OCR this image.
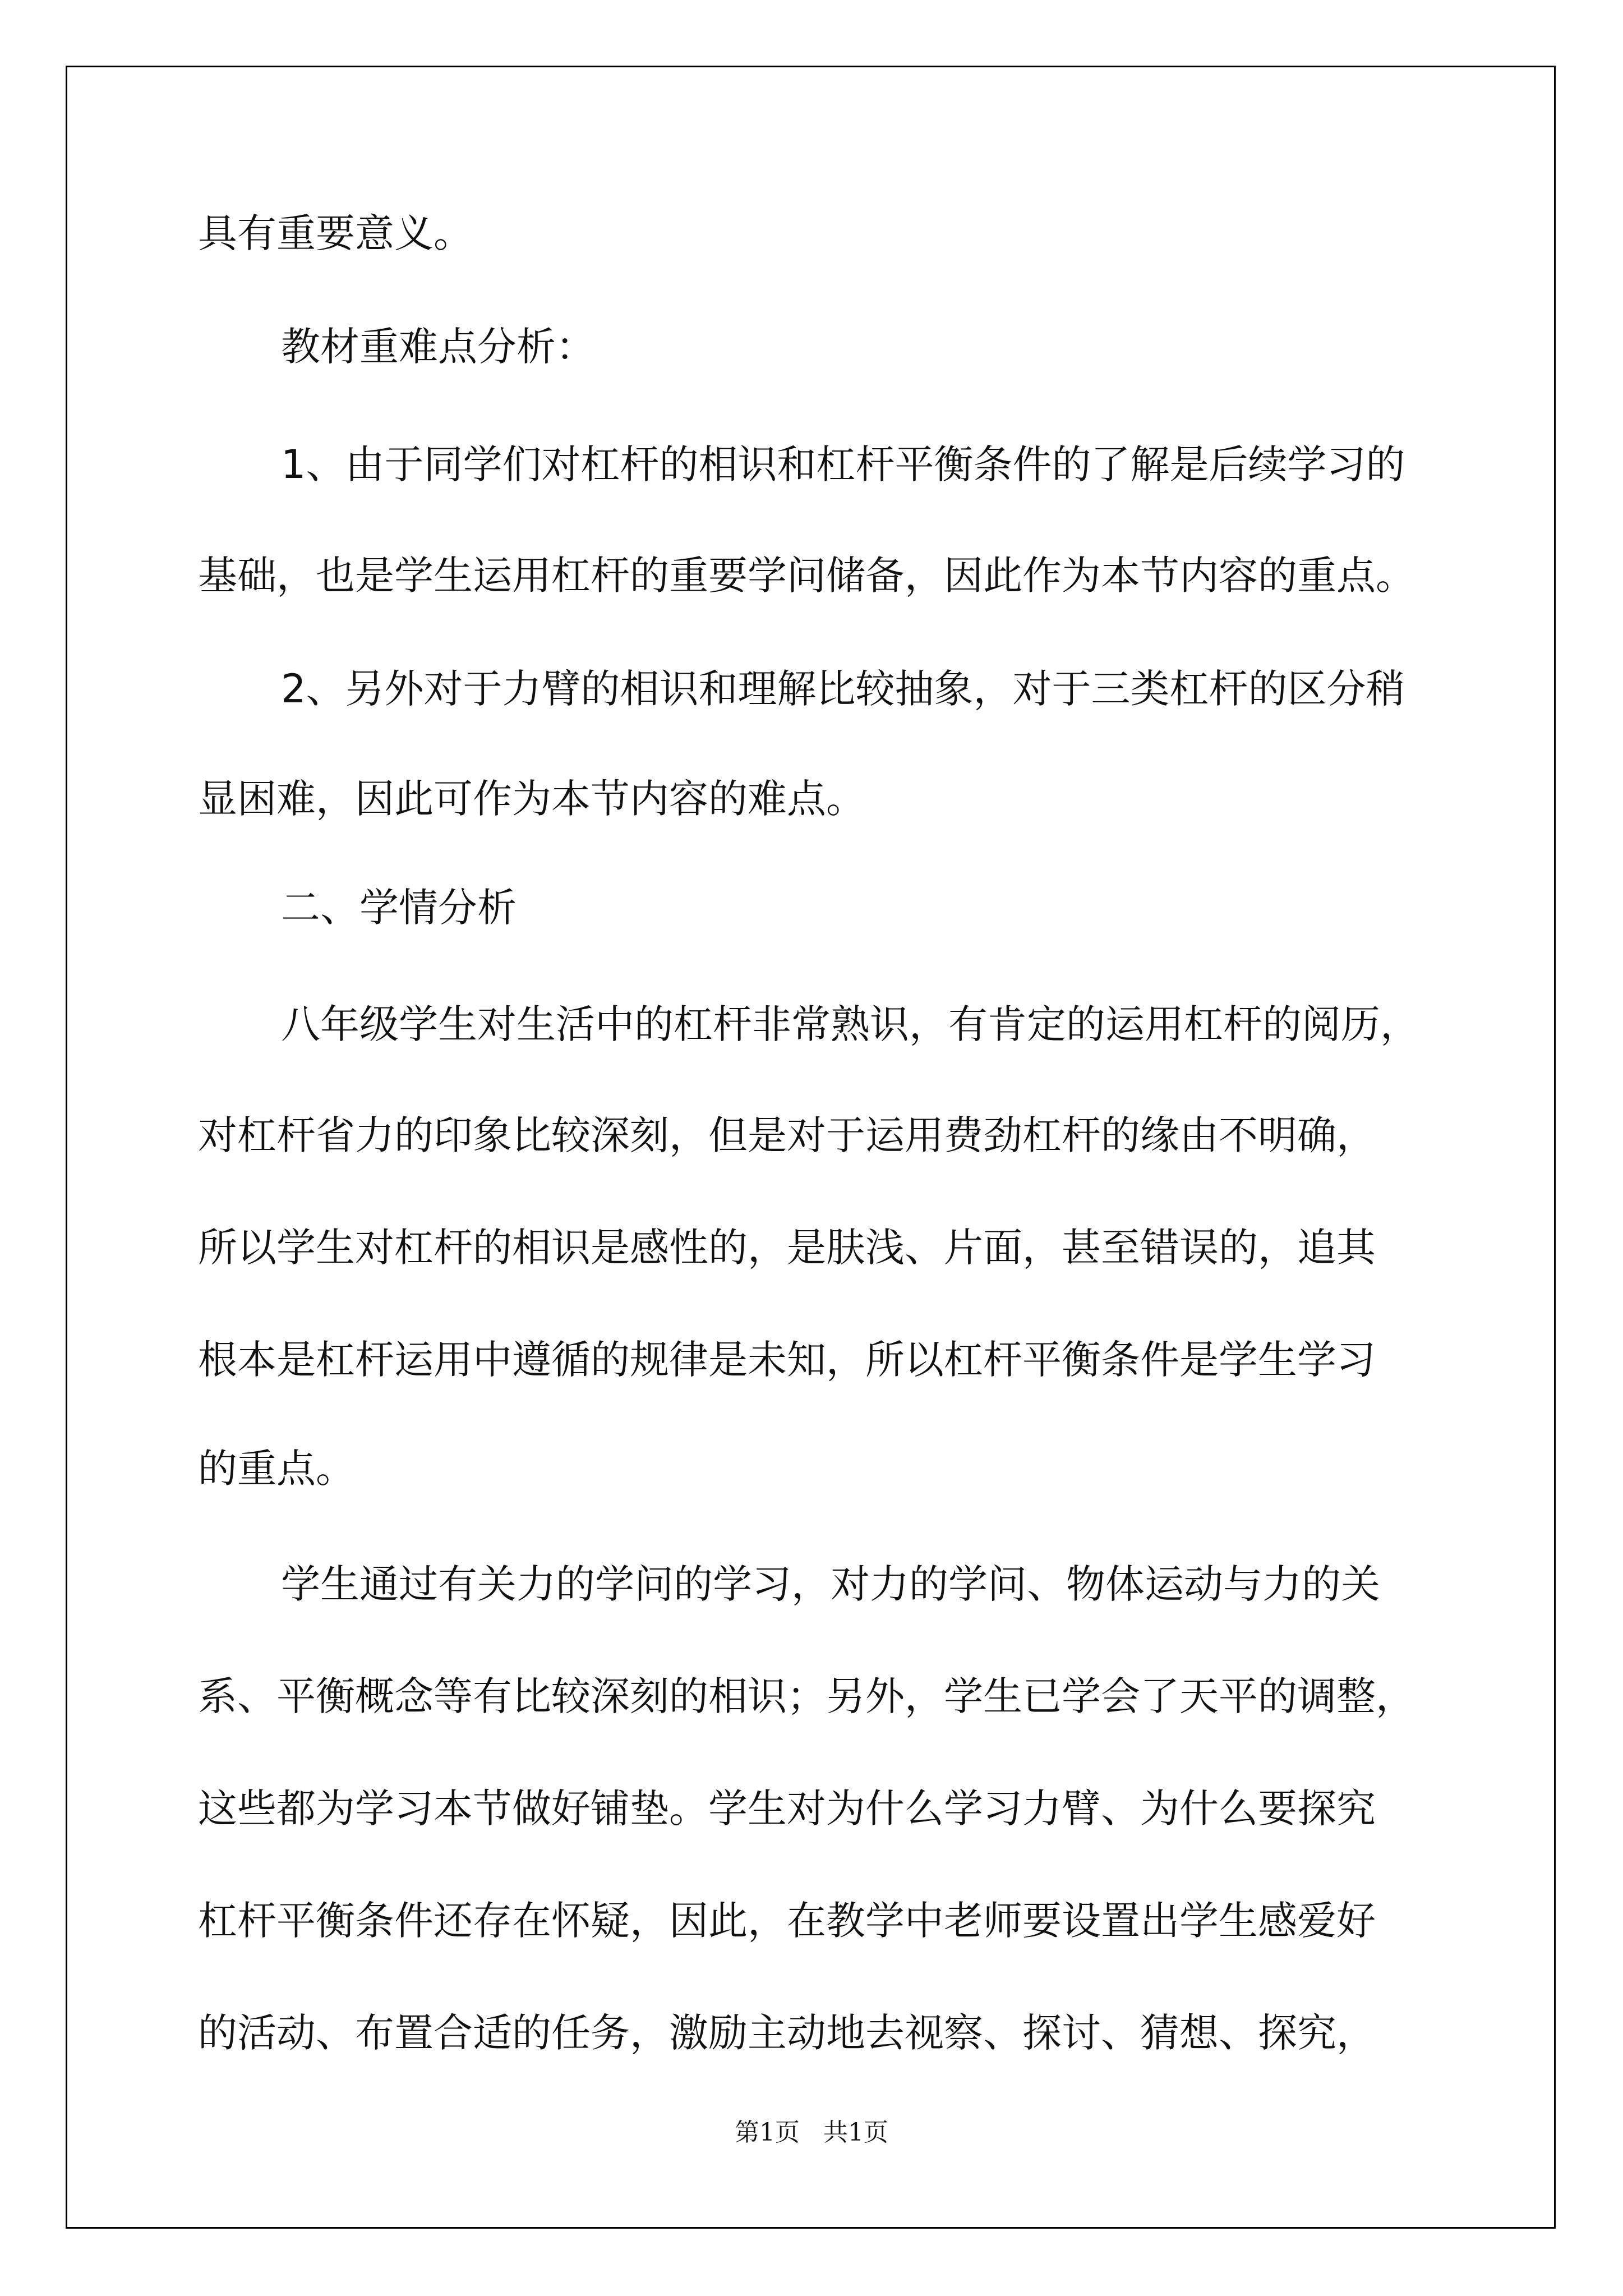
具有重要意义。

教材重难点分析：

1、由于同学们对杠杆的相识和杠杆平衡条件的了解是后续学习的

基础，也是学生运用杠杆的重要学问储备，因此作为本节内容的重点。

2、另外对于力臂的相识和理解比较抽象，对于三类杠杆的区分稍

显困难，因此可作为本节内容的难点。

二、学情分析

八年级学生对生活中的杠杆非常熟识，有肯定的运用杠杆的阅历，

对杠杆省力的印象比较深刻，但是对于运用费劲杠杆的缘由不明确，

所以学生对杠杆的相识是感性的，是肤浅、片面，甚至错误的，追其

根本是杠杆运用中遵循的规律是未知，所以杠杆平衡条件是学生学习

的重点。

学生通过有关力的学问的学习，对力的学问、物体运动与力的关

系、平衡概念等有比较深刻的相识；另外，学生已学会了天平的调整，

这些都为学习本节做好铺垫。学生对为什么学习力臂、为什么要探究

杠杆平衡条件还存在怀疑，因此，在教学中老师要设置出学生感爱好

的活动、布置合适的任务，激励主动地去视察、探讨、猜想、探究，

第1页   共1页
